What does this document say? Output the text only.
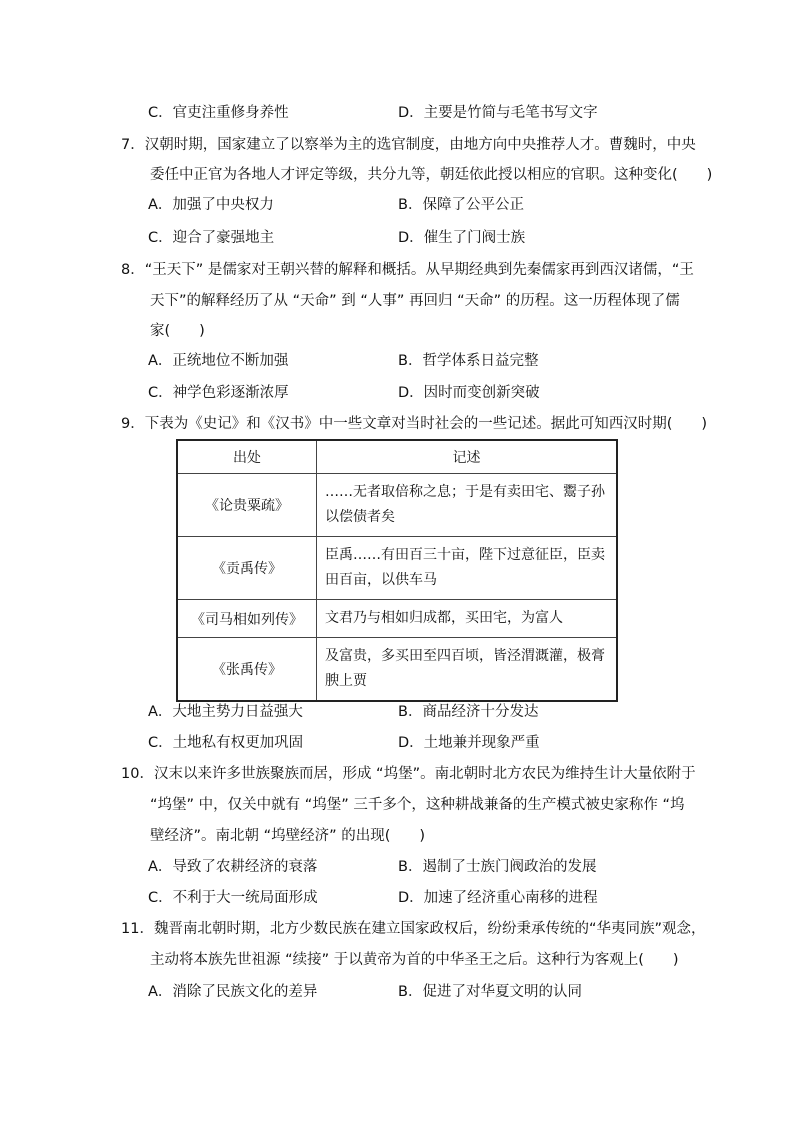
C．官吏注重修身养性	D．主要是竹简与毛笔书写文字
7．汉朝时期，国家建立了以察举为主的选官制度，由地方向中央推荐人才。曹魏时，中央
委任中正官为各地人才评定等级，共分九等，朝廷依此授以相应的官职。这种变化(　　)
A．加强了中央权力	B．保障了公平公正
C．迎合了豪强地主	D．催生了门阀士族
8．“王天下” 是儒家对王朝兴替的解释和概括。从早期经典到先秦儒家再到西汉诸儒，“王
天下”的解释经历了从 “天命” 到 “人事” 再回归 “天命” 的历程。这一历程体现了儒
家(　　)
A．正统地位不断加强	B．哲学体系日益完整
C．神学色彩逐渐浓厚	D．因时而变创新突破
9．下表为《史记》和《汉书》中一些文章对当时社会的一些记述。据此可知西汉时期(　　)
出处	记述
《论贵粟疏》	……无者取倍称之息；于是有卖田宅、鬻子孙以偿债者矣
《贡禹传》	臣禹……有田百三十亩，陛下过意征臣，臣卖田百亩，以供车马
《司马相如列传》	文君乃与相如归成都，买田宅，为富人
《张禹传》	及富贵，多买田至四百顷，皆泾渭溉灌，极膏腴上贾
A．大地主势力日益强大	B．商品经济十分发达
C．土地私有权更加巩固	D．土地兼并现象严重
10．汉末以来许多世族聚族而居，形成 “坞堡”。南北朝时北方农民为维持生计大量依附于
“坞堡” 中，仅关中就有 “坞堡” 三千多个，这种耕战兼备的生产模式被史家称作 “坞
壁经济”。南北朝 “坞壁经济” 的出现(　　)
A．导致了农耕经济的衰落	B．遏制了士族门阀政治的发展
C．不利于大一统局面形成	D．加速了经济重心南移的进程
11．魏晋南北朝时期，北方少数民族在建立国家政权后，纷纷秉承传统的“华夷同族”观念，
主动将本族先世祖源 “续接” 于以黄帝为首的中华圣王之后。这种行为客观上(　　)
A．消除了民族文化的差异	B．促进了对华夏文明的认同
